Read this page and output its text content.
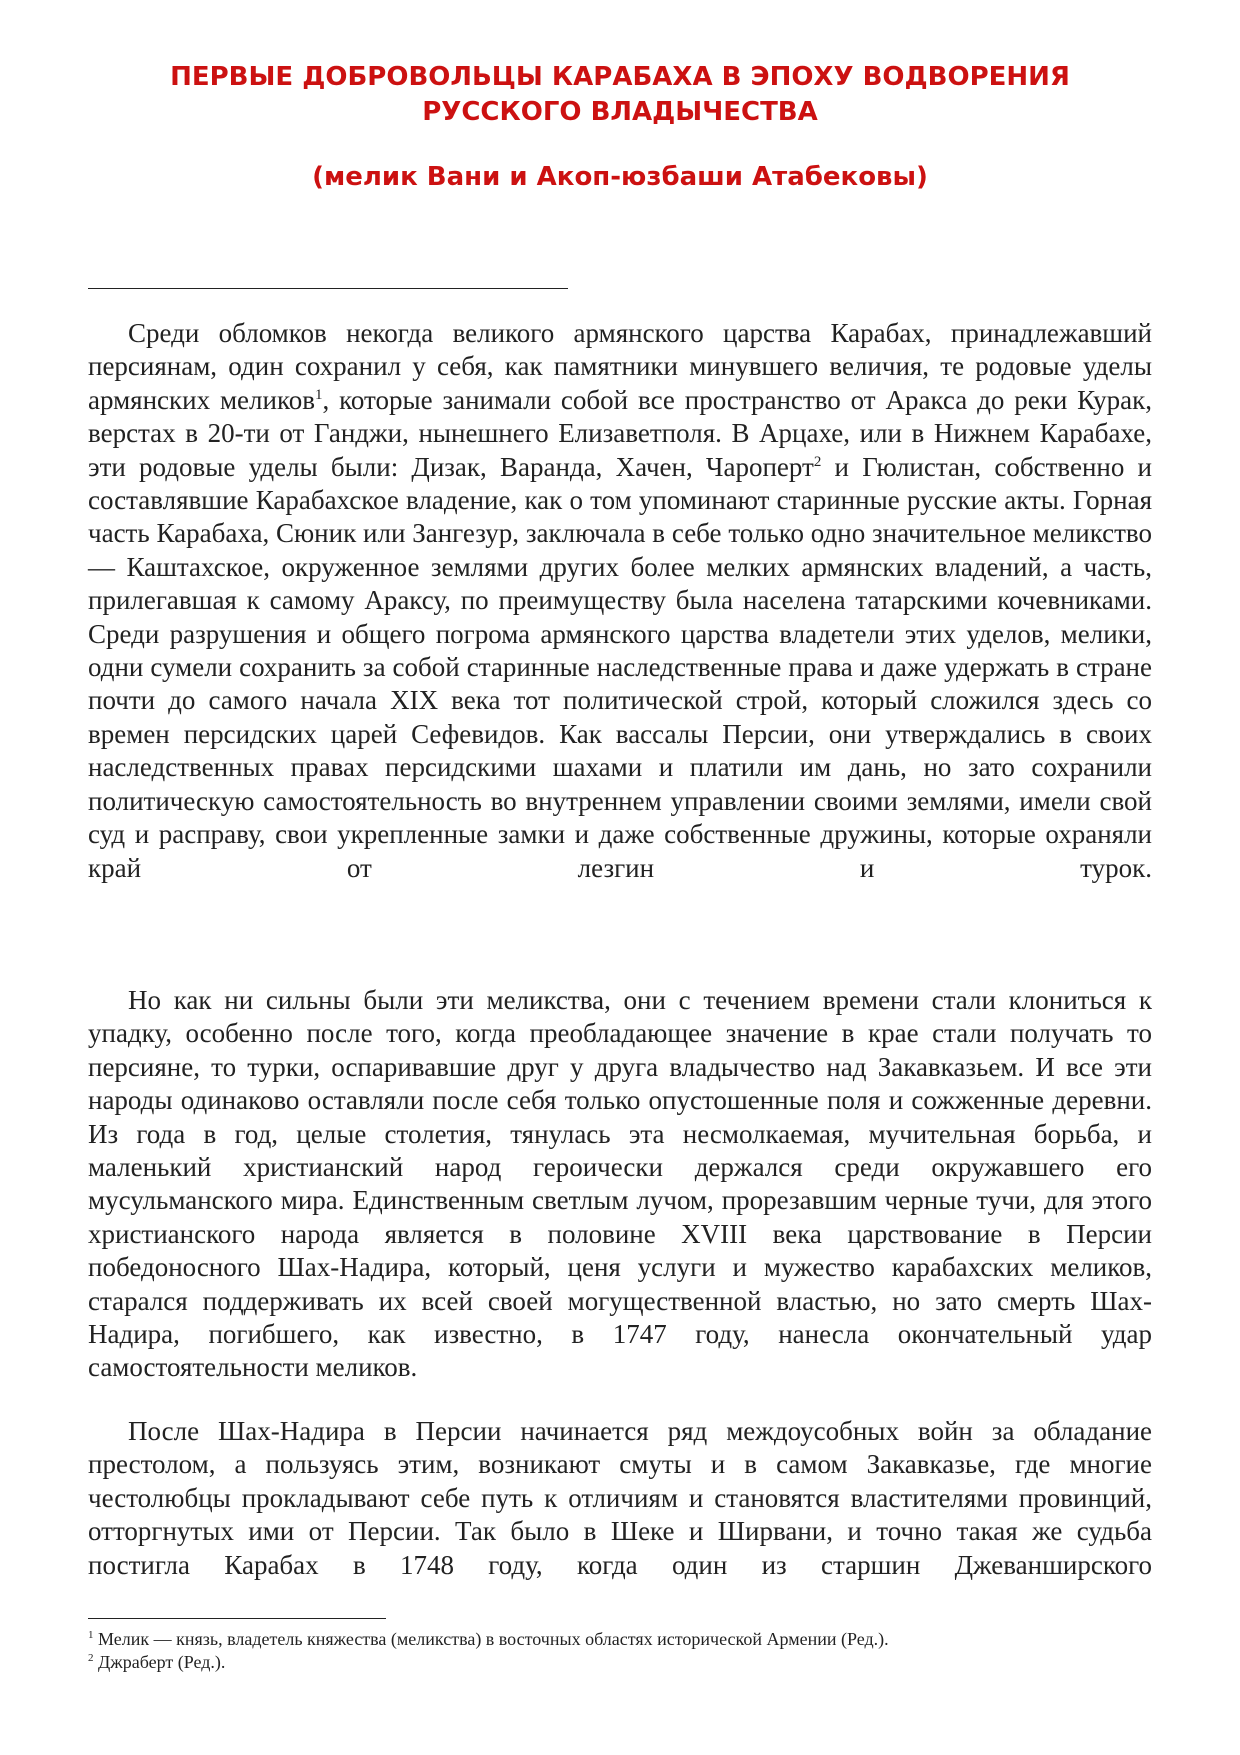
ПЕРВЫЕ ДОБРОВОЛЬЦЫ КАРАБАХА В ЭПОХУ ВОДВОРЕНИЯ
РУССКОГО ВЛАДЫЧЕСТВА
(мелик Вани и Акоп-юзбаши Атабековы)

Среди обломков некогда великого армянского царства Карабах, принадлежавший персиянам, один сохранил у себя, как памятники минувшего величия, те родовые уделы армянских меликов$^1$, которые занимали собой все пространство от Аракса до реки Курак, верстах в 20-ти от Ганджи, нынешнего Елизаветполя. В Арцахе, или в Нижнем Карабахе, эти родовые уделы были: Дизак, Варанда, Хачен, Чароперт$^2$ и Гюлистан, собственно и составлявшие Карабахское владение, как о том упоминают старинные русские акты. Горная часть Карабаха, Сюник или Зангезур, заключала в себе только одно значительное меликство — Каштахское, окруженное землями других более мелких армянских владений, а часть, прилегавшая к самому Араксу, по преимуществу была населена татарскими кочевниками. Среди разрушения и общего погрома армянского царства владетели этих уделов, мелики, одни сумели сохранить за собой старинные наследственные права и даже удержать в стране почти до самого начала XIX века тот политической строй, который сложился здесь со времен персидских царей Сефевидов. Как вассалы Персии, они утверждались в своих наследственных правах персидскими шахами и платили им дань, но зато сохранили политическую самостоятельность во внутреннем управлении своими землями, имели свой суд и расправу, свои укрепленные замки и даже собственные дружины, которые охраняли край от лезгин и турок.

Но как ни сильны были эти меликства, они с течением времени стали клониться к упадку, особенно после того, когда преобладающее значение в крае стали получать то персияне, то турки, оспаривавшие друг у друга владычество над Закавказьем. И все эти народы одинаково оставляли после себя только опустошенные поля и сожженные деревни. Из года в год, целые столетия, тянулась эта несмолкаемая, мучительная борьба, и маленький христианский народ героически держался среди окружавшего его мусульманского мира. Единственным светлым лучом, прорезавшим черные тучи, для этого христианского народа является в половине XVIII века царствование в Персии победоносного Шах-Надира, который, ценя услуги и мужество карабахских меликов, старался поддерживать их всей своей могущественной властью, но зато смерть Шах-Надира, погибшего, как известно, в 1747 году, нанесла окончательный удар самостоятельности меликов.

После Шах-Надира в Персии начинается ряд междоусобных войн за обладание престолом, а пользуясь этим, возникают смуты и в самом Закавказье, где многие честолюбцы прокладывают себе путь к отличиям и становятся властителями провинций, отторгнутых ими от Персии. Так было в Шеке и Ширвани, и точно такая же судьба постигла Карабах в 1748 году, когда один из старшин Джеванширского

$^1$ Мелик — князь, владетель княжества (меликства) в восточных областях исторической Армении (Ред.).
$^2$ Джраберт (Ред.).
